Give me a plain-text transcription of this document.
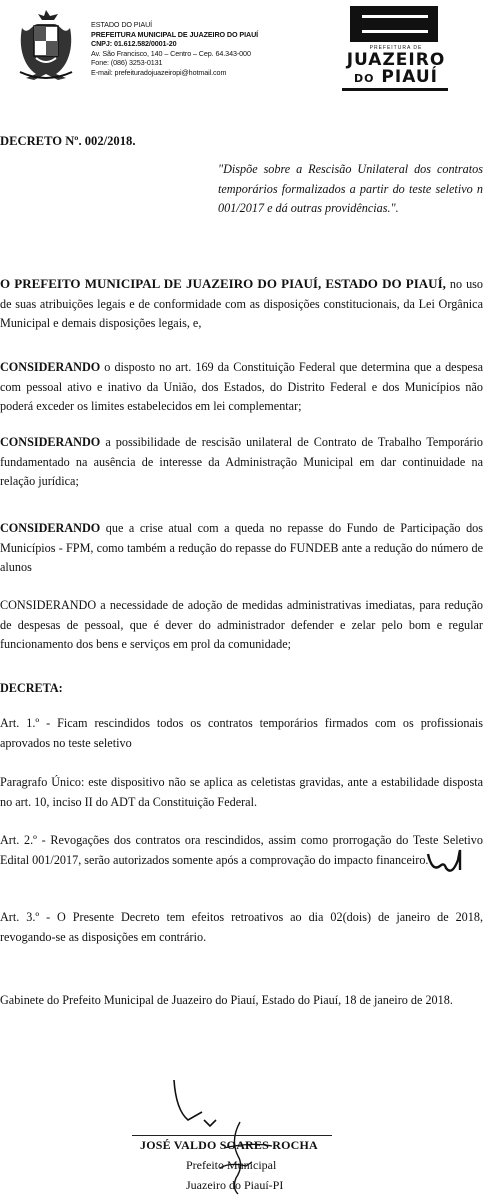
ESTADO DO PIAUÍ
PREFEITURA MUNICIPAL DE JUAZEIRO DO PIAUÍ
CNPJ: 01.612.582/0001-20
Av. São Francisco, 140 – Centro – Cep. 64.343-000
Fone: (086) 3253-0131
E-mail: prefeituradojuazeiropi@hotmail.com
PREFEITURA DE
JUAZEIRO
DO PIAUÍ
DECRETO Nº. 002/2018.
"Dispõe sobre a Rescisão Unilateral dos contratos temporários formalizados a partir do teste seletivo n 001/2017 e dá outras providências.".
O PREFEITO MUNICIPAL DE JUAZEIRO DO PIAUÍ, ESTADO DO PIAUÍ, no uso de suas atribuições legais e de conformidade com as disposições constitucionais, da Lei Orgânica Municipal e demais disposições legais, e,
CONSIDERANDO o disposto no art. 169 da Constituição Federal que determina que a despesa com pessoal ativo e inativo da União, dos Estados, do Distrito Federal e dos Municípios não poderá exceder os limites estabelecidos em lei complementar;
CONSIDERANDO a possibilidade de rescisão unilateral de Contrato de Trabalho Temporário fundamentado na ausência de interesse da Administração Municipal em dar continuidade na relação jurídica;
CONSIDERANDO que a crise atual com a queda no repasse do Fundo de Participação dos Municípios - FPM, como também a redução do repasse do FUNDEB ante a redução do número de alunos
CONSIDERANDO a necessidade de adoção de medidas administrativas imediatas, para redução de despesas de pessoal, que é dever do administrador defender e zelar pelo bom e regular funcionamento dos bens e serviços em prol da comunidade;
DECRETA:
Art. 1.º - Ficam rescindidos todos os contratos temporários firmados com os profissionais aprovados no teste seletivo
Paragrafo Único: este dispositivo não se aplica as celetistas gravidas, ante a estabilidade disposta no art. 10, inciso II do ADT da Constituição Federal.
Art. 2.º - Revogações dos contratos ora rescindidos, assim como prorrogação do Teste Seletivo Edital 001/2017, serão autorizados somente após a comprovação do impacto financeiro.
Art. 3.º - O Presente Decreto tem efeitos retroativos ao dia 02(dois) de janeiro de 2018, revogando-se as disposições em contrário.
Gabinete do Prefeito Municipal de Juazeiro do Piauí, Estado do Piauí, 18 de janeiro de 2018.
JOSÉ VALDO SOARES ROCHA
Prefeito Municipal
Juazeiro do Piauí-PI
